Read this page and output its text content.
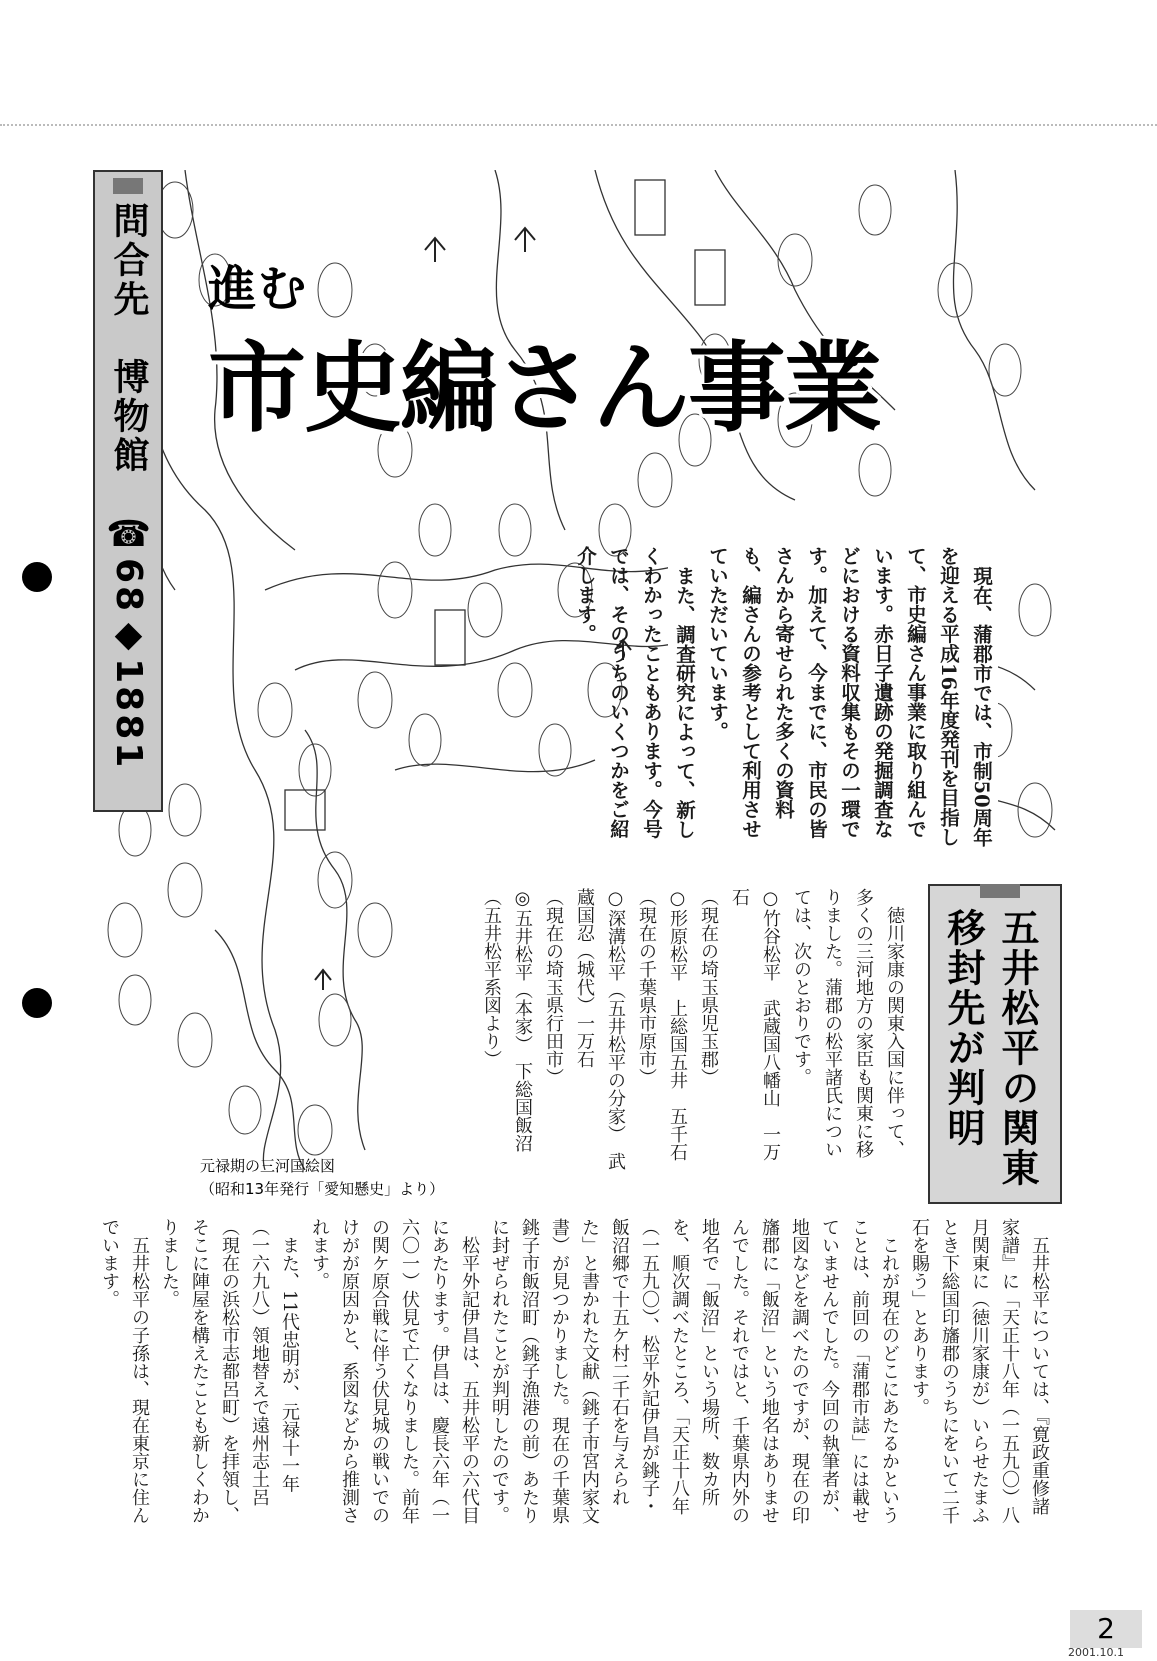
問合先　博物館　☎68◆1881 進む
市史編さん事業

現在、蒲郡市では、市制50周年を迎える平成16年度発刊を目指して、市史編さん事業に取り組んでいます。赤日子遺跡の発掘調査などにおける資料収集もその一環です。加えて、今までに、市民の皆さんから寄せられた多くの資料も、編さんの参考として利用させていただいています。

また、調査研究によって、新しくわかったこともあります。今号では、そのうちのいくつかをご紹介します。

五井松平の関東移封先が判明

徳川家康の関東入国に伴って、多くの三河地方の家臣も関東に移りました。蒲郡の松平諸氏については、次のとおりです。

○竹谷松平　武蔵国八幡山　一万石

（現在の埼玉県児玉郡）

○形原松平　上総国五井　五千石

（現在の千葉県市原市）

○深溝松平（五井松平の分家）　武蔵国忍（城代）一万石

（現在の埼玉県行田市）

◎五井松平（本家）　下総国飯沼

（五井松平系図より）

元禄期の三河国絵図
（昭和13年発行「愛知懸史」より）

五井松平については、『寛政重修諸家譜』に「天正十八年（一五九〇）八月関東に（徳川家康が）いらせたまふとき下総国印旛郡のうちにをいて二千石を賜う」とあります。

これが現在のどこにあたるかということは、前回の「蒲郡市誌」には載せていませんでした。今回の執筆者が、地図などを調べたのですが、現在の印旛郡に「飯沼」という地名はありませんでした。それではと、千葉県内外の地名で「飯沼」という場所、数カ所を、順次調べたところ、「天正十八年（一五九〇）、松平外記伊昌が銚子・飯沼郷で十五ケ村二千石を与えられた」と書かれた文献（銚子市宮内家文書）が見つかりました。現在の千葉県銚子市飯沼町（銚子漁港の前）あたりに封ぜられたことが判明したのです。

松平外記伊昌は、五井松平の六代目にあたります。伊昌は、慶長六年（一六〇一）伏見で亡くなりました。前年の関ケ原合戦に伴う伏見城の戦いでのけがが原因かと、系図などから推測されます。

また、11代忠明が、元禄十一年（一六九八）領地替えで遠州志土呂（現在の浜松市志都呂町）を拝領し、そこに陣屋を構えたことも新しくわかりました。

五井松平の子孫は、現在東京に住んでいます。

2
2001.10.1
